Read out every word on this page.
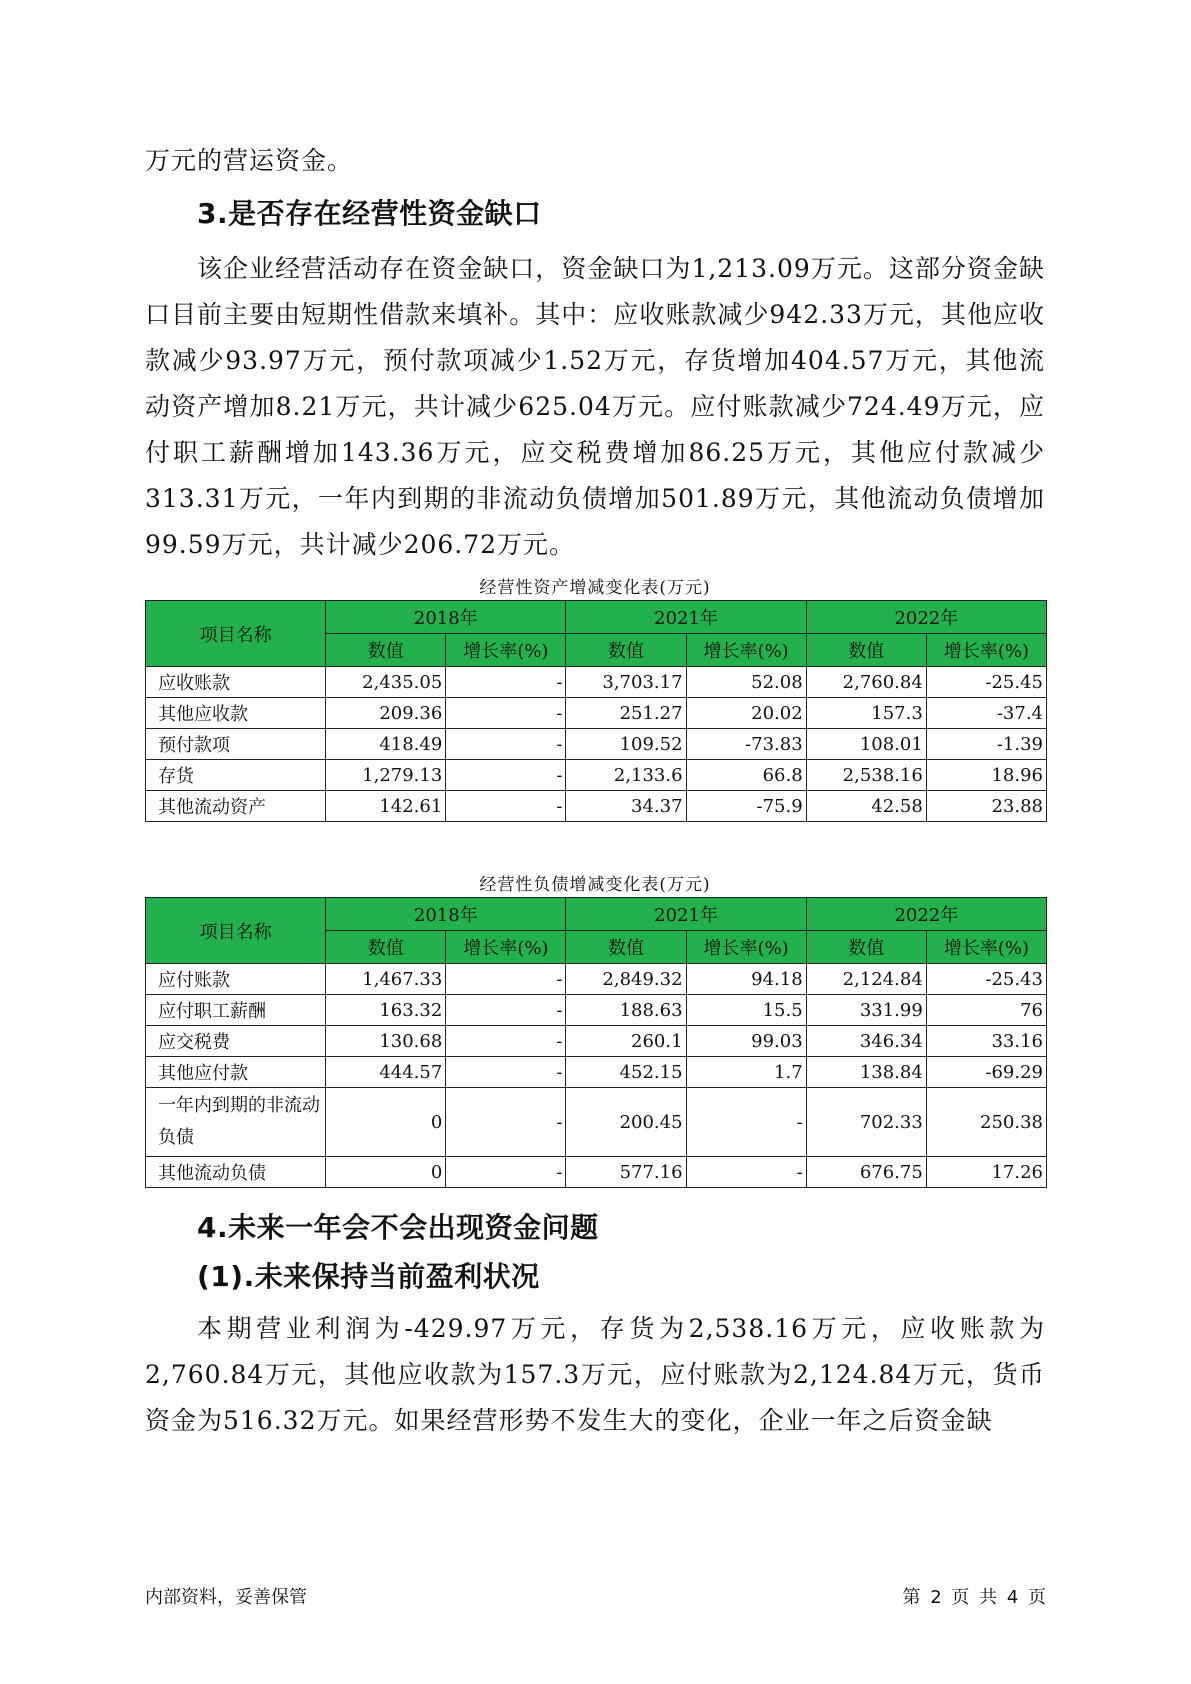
万元的营运资金。

3.是否存在经营性资金缺口

该企业经营活动存在资金缺口，资金缺口为1,213.09万元。这部分资金缺口目前主要由短期性借款来填补。其中：应收账款减少942.33万元，其他应收款减少93.97万元，预付款项减少1.52万元，存货增加404.57万元，其他流动资产增加8.21万元，共计减少625.04万元。应付账款减少724.49万元，应付职工薪酬增加143.36万元，应交税费增加86.25万元，其他应付款减少313.31万元，一年内到期的非流动负债增加501.89万元，其他流动负债增加99.59万元，共计减少206.72万元。

经营性资产增减变化表(万元)
项目名称	2018年		2021年		2022年	
	数值	增长率(%)	数值	增长率(%)	数值	增长率(%)
应收账款	2,435.05	-	3,703.17	52.08	2,760.84	-25.45
其他应收款	209.36	-	251.27	20.02	157.3	-37.4
预付款项	418.49	-	109.52	-73.83	108.01	-1.39
存货	1,279.13	-	2,133.6	66.8	2,538.16	18.96
其他流动资产	142.61	-	34.37	-75.9	42.58	23.88
经营性负债增减变化表(万元)
项目名称	2018年		2021年		2022年	
	数值	增长率(%)	数值	增长率(%)	数值	增长率(%)
应付账款	1,467.33	-	2,849.32	94.18	2,124.84	-25.43
应付职工薪酬	163.32	-	188.63	15.5	331.99	76
应交税费	130.68	-	260.1	99.03	346.34	33.16
其他应付款	444.57	-	452.15	1.7	138.84	-69.29
一年内到期的非流动负债	0	-	200.45	-	702.33	250.38
其他流动负债	0	-	577.16	-	676.75	17.26
4.未来一年会不会出现资金问题
(1).未来保持当前盈利状况

本期营业利润为-429.97万元，存货为2,538.16万元，应收账款为2,760.84万元，其他应收款为157.3万元，应付账款为2,124.84万元，货币资金为516.32万元。如果经营形势不发生大的变化，企业一年之后资金缺

内部资料，妥善保管	第 2 页 共 4 页
